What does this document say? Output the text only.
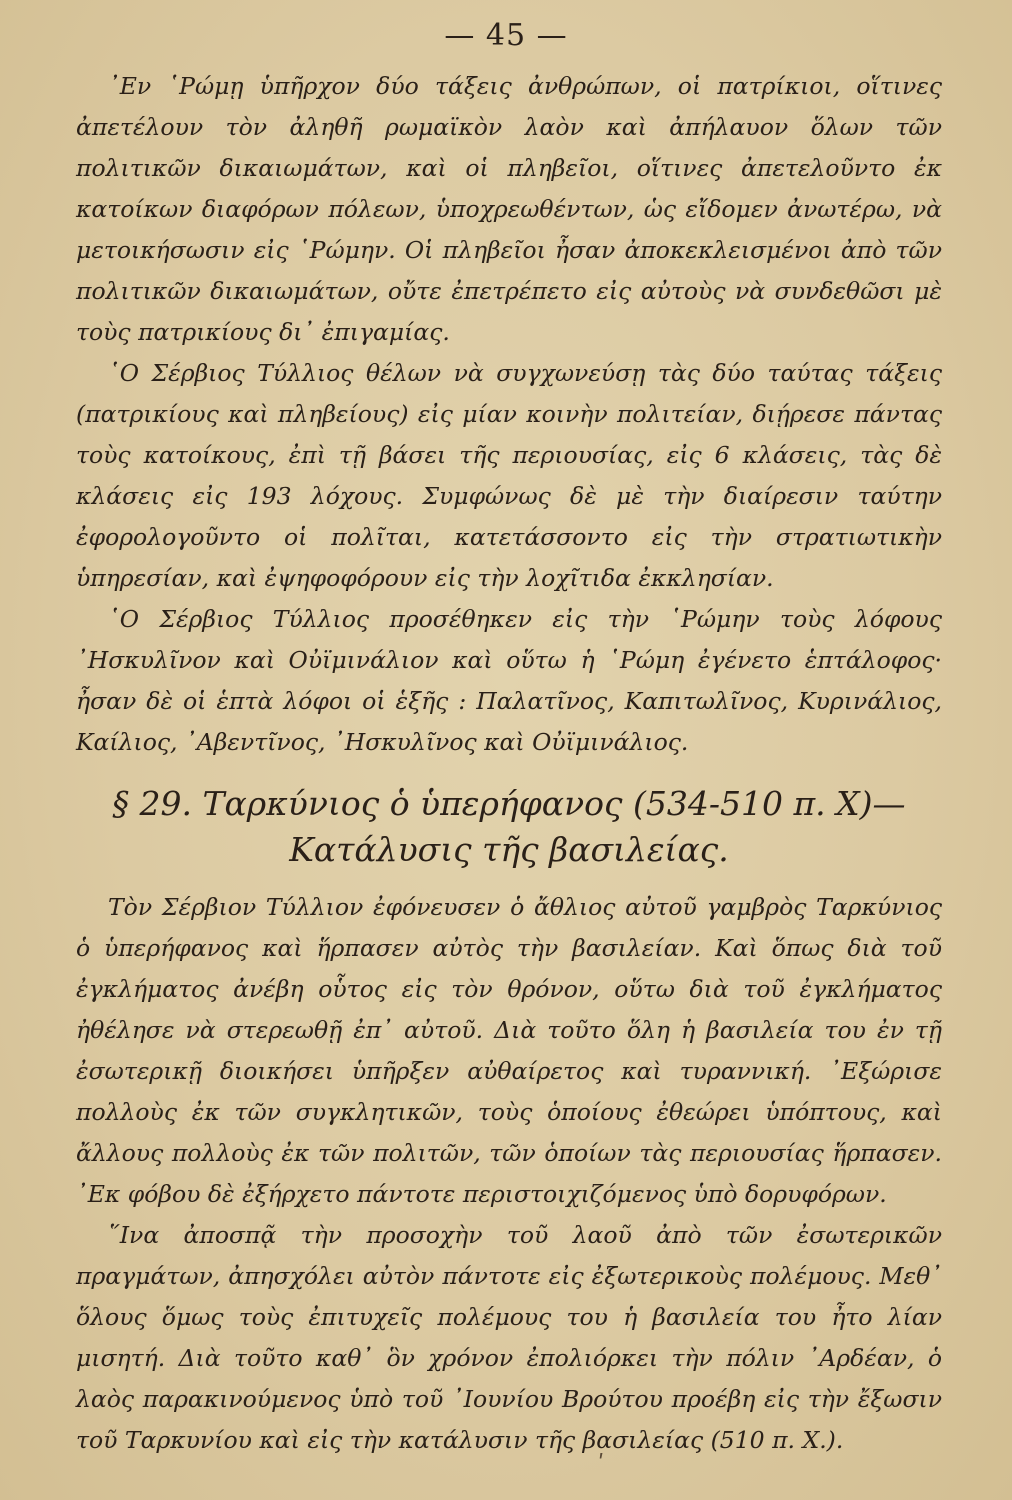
— 45 —

᾿Εν ῾Ρώμῃ ὑπῆρχον δύο τάξεις ἀνθρώπων, οἱ πατρίκιοι, οἵτινες ἀπετέλουν τὸν ἀληθῆ ρωμαϊκὸν λαὸν καὶ ἀπήλαυον ὅλων τῶν πολιτικῶν δικαιωμάτων, καὶ οἱ πληβεῖοι, οἵτινες ἀπετελοῦντο ἐκ κατοίκων διαφόρων πόλεων, ὑποχρεωθέντων, ὡς εἴδομεν ἀνωτέρω, νὰ μετοικήσωσιν εἰς ῾Ρώμην. Οἱ πληβεῖοι ἦσαν ἀποκεκλεισμένοι ἀπὸ τῶν πολιτικῶν δικαιωμάτων, οὔτε ἐπετρέπετο εἰς αὐτοὺς νὰ συνδεθῶσι μὲ τοὺς πατρικίους δι᾿ ἐπιγαμίας.

῾Ο Σέρβιος Τύλλιος θέλων νὰ συγχωνεύσῃ τὰς δύο ταύτας τάξεις (πατρικίους καὶ πληβείους) εἰς μίαν κοινὴν πολιτείαν, διῄρεσε πάντας τοὺς κατοίκους, ἐπὶ τῇ βάσει τῆς περιουσίας, εἰς 6 κλάσεις, τὰς δὲ κλάσεις εἰς 193 λόχους. Συμφώνως δὲ μὲ τὴν διαίρεσιν ταύτην ἐφορολογοῦντο οἱ πολῖται, κατετάσσοντο εἰς τὴν στρατιωτικὴν ὑπηρεσίαν, καὶ ἐψηφοφόρουν εἰς τὴν λοχῖτιδα ἐκκλησίαν.

῾Ο Σέρβιος Τύλλιος προσέθηκεν εἰς τὴν ῾Ρώμην τοὺς λόφους ᾿Ησκυλῖνον καὶ Οὐϊμινάλιον καὶ οὕτω ἡ ῾Ρώμη ἐγένετο ἑπτάλοφος· ἦσαν δὲ οἱ ἑπτὰ λόφοι οἱ ἑξῆς : Παλατῖνος, Καπιτωλῖνος, Κυρινάλιος, Καίλιος, ᾿Αβεντῖνος, ᾿Ησκυλῖνος καὶ Οὐϊμινάλιος.

§ 29. Ταρκύνιος ὁ ὑπερήφανος (534-510 π. Χ)—
Κατάλυσις τῆς βασιλείας.

Τὸν Σέρβιον Τύλλιον ἐφόνευσεν ὁ ἄθλιος αὐτοῦ γαμβρὸς Ταρκύνιος ὁ ὑπερήφανος καὶ ἥρπασεν αὐτὸς τὴν βασιλείαν. Καὶ ὅπως διὰ τοῦ ἐγκλήματος ἀνέβη οὗτος εἰς τὸν θρόνον, οὕτω διὰ τοῦ ἐγκλήματος ἠθέλησε νὰ στερεωθῇ ἐπ᾿ αὐτοῦ. Διὰ τοῦτο ὅλη ἡ βασιλεία του ἐν τῇ ἐσωτερικῇ διοικήσει ὑπῆρξεν αὐθαίρετος καὶ τυραννική. ᾿Εξώρισε πολλοὺς ἐκ τῶν συγκλητικῶν, τοὺς ὁποίους ἐθεώρει ὑπόπτους, καὶ ἄλλους πολλοὺς ἐκ τῶν πολιτῶν, τῶν ὁποίων τὰς περιουσίας ἥρπασεν. ᾿Εκ φόβου δὲ ἐξήρχετο πάντοτε περιστοιχιζόμενος ὑπὸ δορυφόρων.

῞Ινα ἀποσπᾷ τὴν προσοχὴν τοῦ λαοῦ ἀπὸ τῶν ἐσωτερικῶν πραγμάτων, ἀπησχόλει αὐτὸν πάντοτε εἰς ἐξωτερικοὺς πολέμους. Μεθ᾿ ὅλους ὅμως τοὺς ἐπιτυχεῖς πολέμους του ἡ βασιλεία του ἦτο λίαν μισητή. Διὰ τοῦτο καθ᾿ ὃν χρόνον ἐπολιόρκει τὴν πόλιν ᾿Αρδέαν, ὁ λαὸς παρακινούμενος ὑπὸ τοῦ ᾿Ιουνίου Βρούτου προέβη εἰς τὴν ἔξωσιν τοῦ Ταρκυνίου καὶ εἰς τὴν κατάλυσιν τῆς βασιλείας (510 π. Χ.).

ʹ
